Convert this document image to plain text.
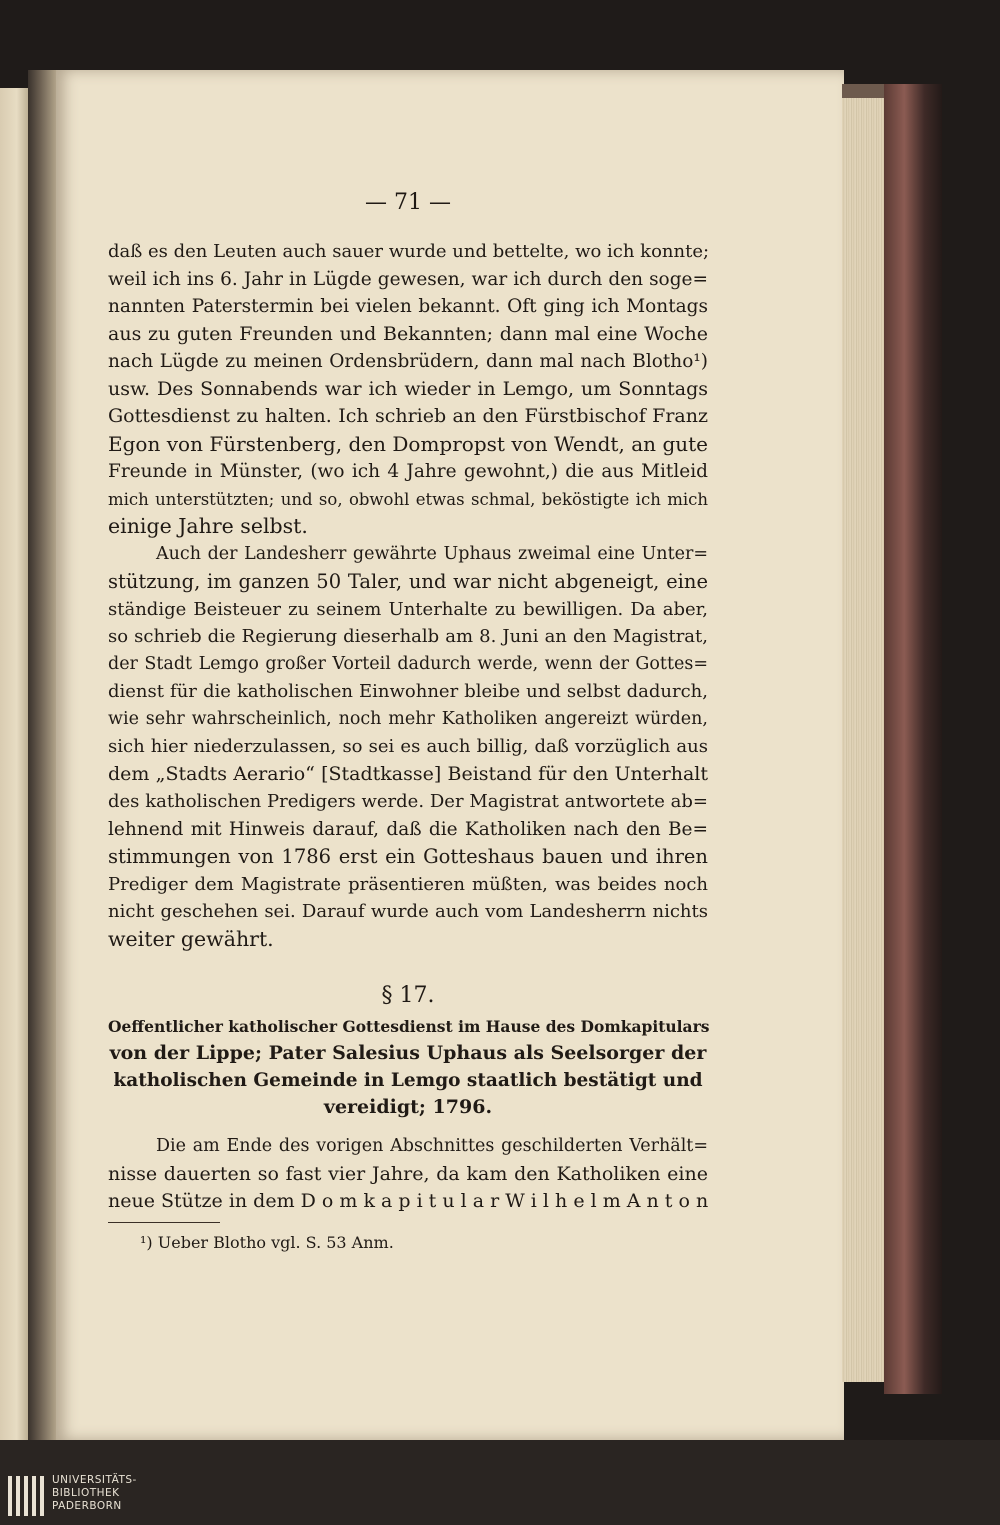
— 71 —
daß es den Leuten auch sauer wurde und bettelte, wo ich konnte;
weil ich ins 6. Jahr in Lügde gewesen, war ich durch den soge=
nannten Paterstermin bei vielen bekannt. Oft ging ich Montags
aus zu guten Freunden und Bekannten; dann mal eine Woche
nach Lügde zu meinen Ordensbrüdern, dann mal nach Blotho¹)
usw. Des Sonnabends war ich wieder in Lemgo, um Sonntags
Gottesdienst zu halten. Ich schrieb an den Fürstbischof Franz
Egon von Fürstenberg, den Dompropst von Wendt, an gute
Freunde in Münster, (wo ich 4 Jahre gewohnt,) die aus Mitleid
mich unterstützten; und so, obwohl etwas schmal, beköstigte ich mich
einige Jahre selbst.
Auch der Landesherr gewährte Uphaus zweimal eine Unter=
stützung, im ganzen 50 Taler, und war nicht abgeneigt, eine
ständige Beisteuer zu seinem Unterhalte zu bewilligen. Da aber,
so schrieb die Regierung dieserhalb am 8. Juni an den Magistrat,
der Stadt Lemgo großer Vorteil dadurch werde, wenn der Gottes=
dienst für die katholischen Einwohner bleibe und selbst dadurch,
wie sehr wahrscheinlich, noch mehr Katholiken angereizt würden,
sich hier niederzulassen, so sei es auch billig, daß vorzüglich aus
dem „Stadts Aerario“ [Stadtkasse] Beistand für den Unterhalt
des katholischen Predigers werde. Der Magistrat antwortete ab=
lehnend mit Hinweis darauf, daß die Katholiken nach den Be=
stimmungen von 1786 erst ein Gotteshaus bauen und ihren
Prediger dem Magistrate präsentieren müßten, was beides noch
nicht geschehen sei. Darauf wurde auch vom Landesherrn nichts
weiter gewährt.
§ 17.
Oeffentlicher katholischer Gottesdienst im Hause des Domkapitulars
von der Lippe; Pater Salesius Uphaus als Seelsorger der
katholischen Gemeinde in Lemgo staatlich bestätigt und
vereidigt; 1796.
Die am Ende des vorigen Abschnittes geschilderten Verhält=
nisse dauerten so fast vier Jahre, da kam den Katholiken eine
neue Stütze in dem D o m k a p i t u l a r W i l h e l m A n t o n
¹) Ueber Blotho vgl. S. 53 Anm.
UNIVERSITÄTS-
BIBLIOTHEK
PADERBORN
